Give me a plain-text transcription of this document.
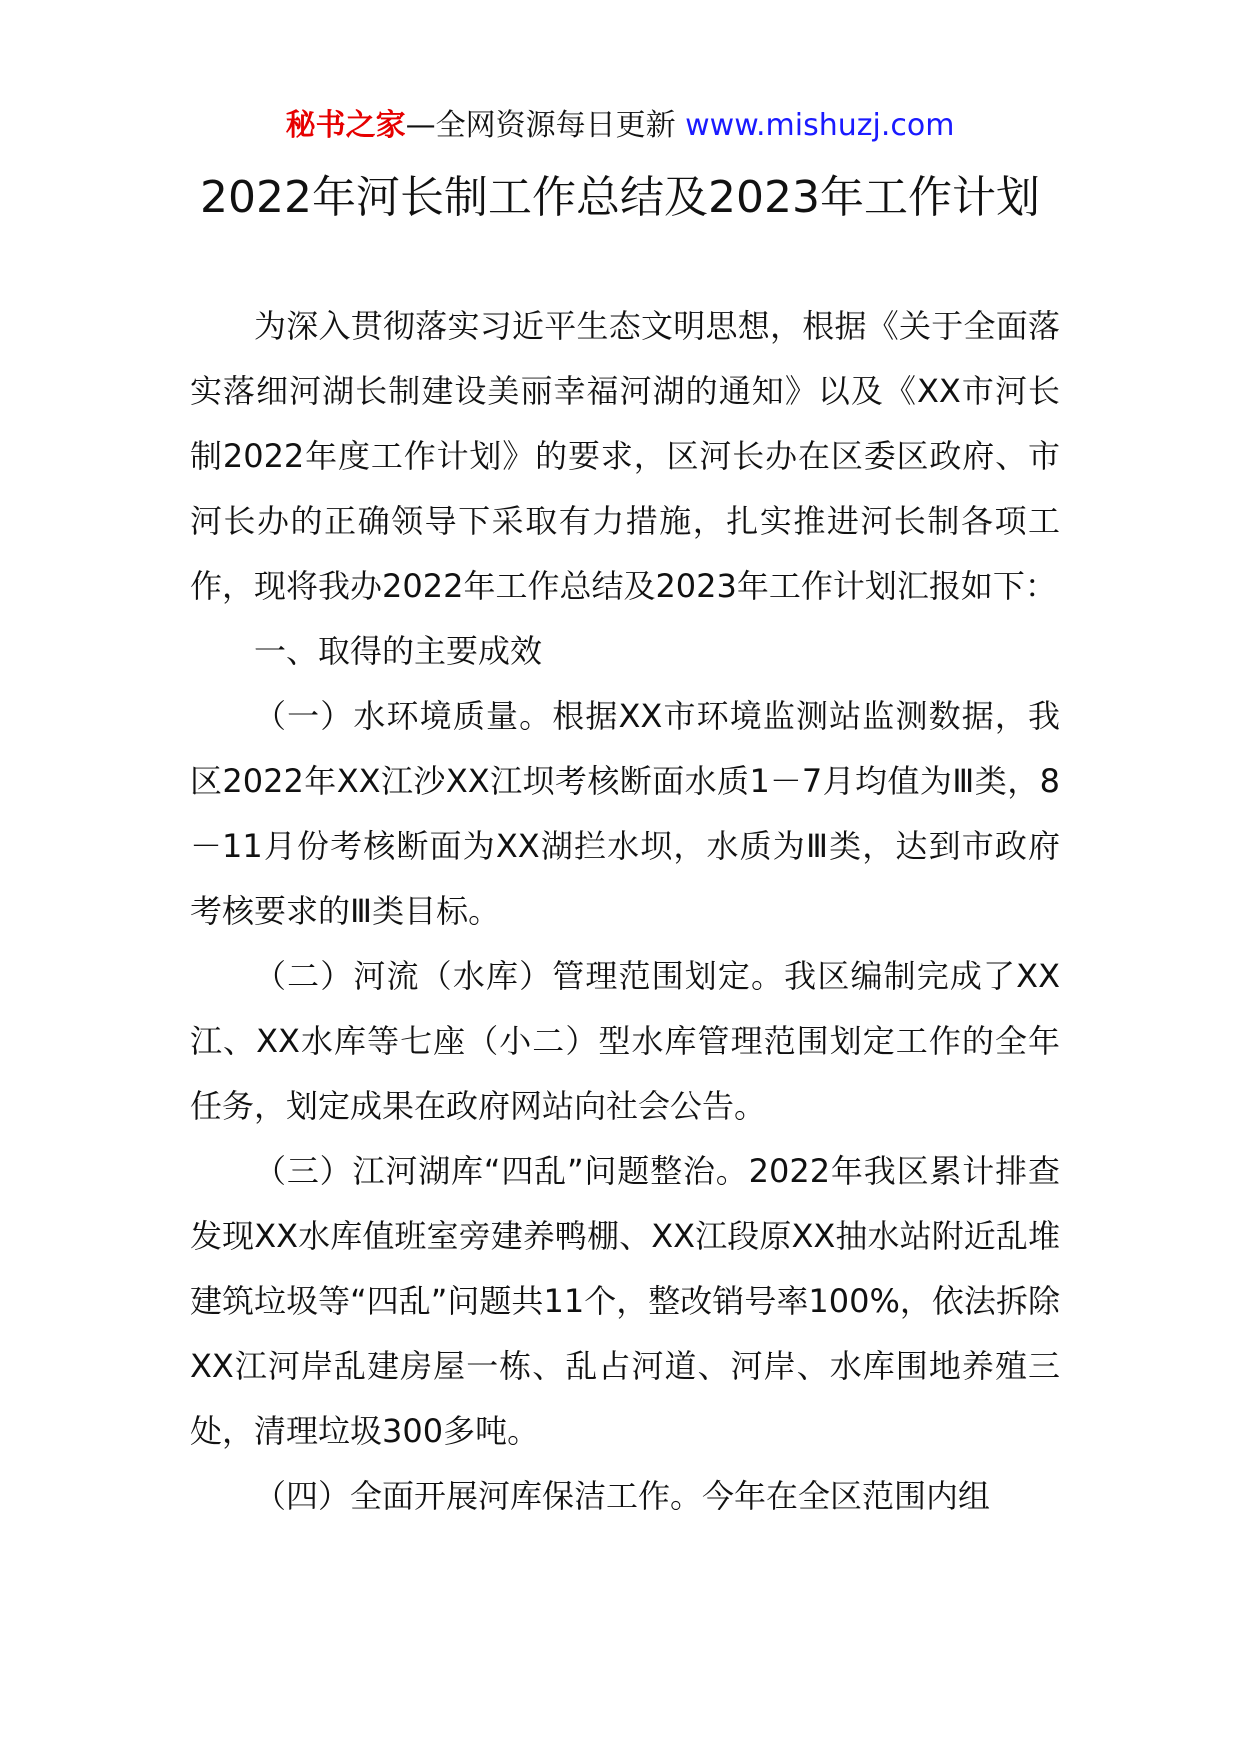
秘书之家—全网资源每日更新 www.mishuzj.com
2022年河长制工作总结及2023年工作计划

为深入贯彻落实习近平生态文明思想，根据《关于全面落实落细河湖长制建设美丽幸福河湖的通知》以及《XX市河长制2022年度工作计划》的要求，区河长办在区委区政府、市河长办的正确领导下采取有力措施，扎实推进河长制各项工作，现将我办2022年工作总结及2023年工作计划汇报如下：

一、取得的主要成效

（一）水环境质量。根据XX市环境监测站监测数据，我区2022年XX江沙XX江坝考核断面水质1－7月均值为Ⅲ类，8－11月份考核断面为XX湖拦水坝，水质为Ⅲ类，达到市政府考核要求的Ⅲ类目标。

（二）河流（水库）管理范围划定。我区编制完成了XX江、XX水库等七座（小二）型水库管理范围划定工作的全年任务，划定成果在政府网站向社会公告。

（三）江河湖库“四乱”问题整治。2022年我区累计排查发现XX水库值班室旁建养鸭棚、XX江段原XX抽水站附近乱堆建筑垃圾等“四乱”问题共11个，整改销号率100%，依法拆除XX江河岸乱建房屋一栋、乱占河道、河岸、水库围地养殖三处，清理垃圾300多吨。

（四）全面开展河库保洁工作。今年在全区范围内组
